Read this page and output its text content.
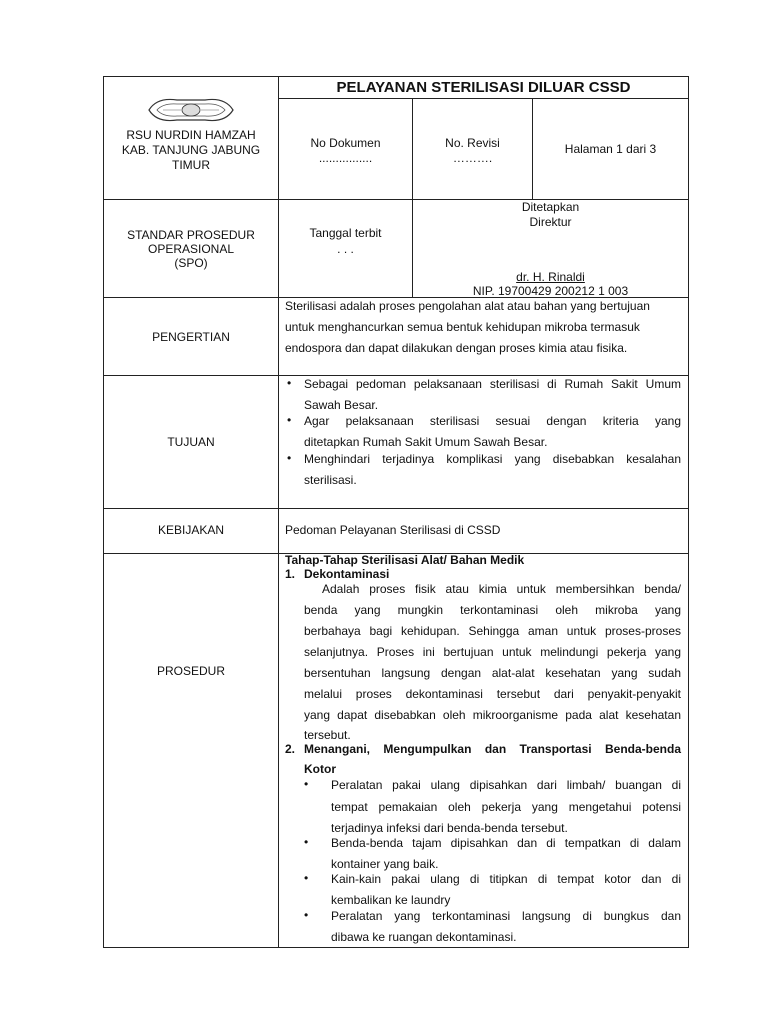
RSU NURDIN HAMZAH
KAB. TANJUNG JABUNG
TIMUR
PELAYANAN STERILISASI DILUAR CSSD
No Dokumen
................
No. Revisi
……….
Halaman 1 dari 3
STANDAR PROSEDUR
OPERASIONAL
(SPO)
Tanggal terbit
. . .
Ditetapkan
Direktur
dr. H. Rinaldi
NIP. 19700429 200212 1 003
PENGERTIAN
Sterilisasi adalah proses pengolahan alat atau bahan yang bertujuan
untuk menghancurkan semua bentuk kehidupan mikroba termasuk
endospora dan dapat dilakukan dengan proses kimia atau fisika.
TUJUAN
• Sebagai pedoman pelaksanaan sterilisasi di Rumah Sakit Umum
Sawah Besar.
• Agar pelaksanaan sterilisasi sesuai dengan kriteria yang
ditetapkan Rumah Sakit Umum Sawah Besar.
• Menghindari terjadinya komplikasi yang disebabkan kesalahan
sterilisasi.
KEBIJAKAN	Pedoman Pelayanan Sterilisasi di CSSD
PROSEDUR
Tahap-Tahap Sterilisasi Alat/ Bahan Medik
1. Dekontaminasi
Adalah proses fisik atau kimia untuk membersihkan benda/
benda yang mungkin terkontaminasi oleh mikroba yang
berbahaya bagi kehidupan. Sehingga aman untuk proses-proses
selanjutnya. Proses ini bertujuan untuk melindungi pekerja yang
bersentuhan langsung dengan alat-alat kesehatan yang sudah
melalui proses dekontaminasi tersebut dari penyakit-penyakit
yang dapat disebabkan oleh mikroorganisme pada alat kesehatan
tersebut.
2. Menangani, Mengumpulkan dan Transportasi Benda-benda
Kotor
• Peralatan pakai ulang dipisahkan dari limbah/ buangan di
tempat pemakaian oleh pekerja yang mengetahui potensi
terjadinya infeksi dari benda-benda tersebut.
• Benda-benda tajam dipisahkan dan di tempatkan di dalam
kontainer yang baik.
• Kain-kain pakai ulang di titipkan di tempat kotor dan di
kembalikan ke laundry
• Peralatan yang terkontaminasi langsung di bungkus dan
dibawa ke ruangan dekontaminasi.
